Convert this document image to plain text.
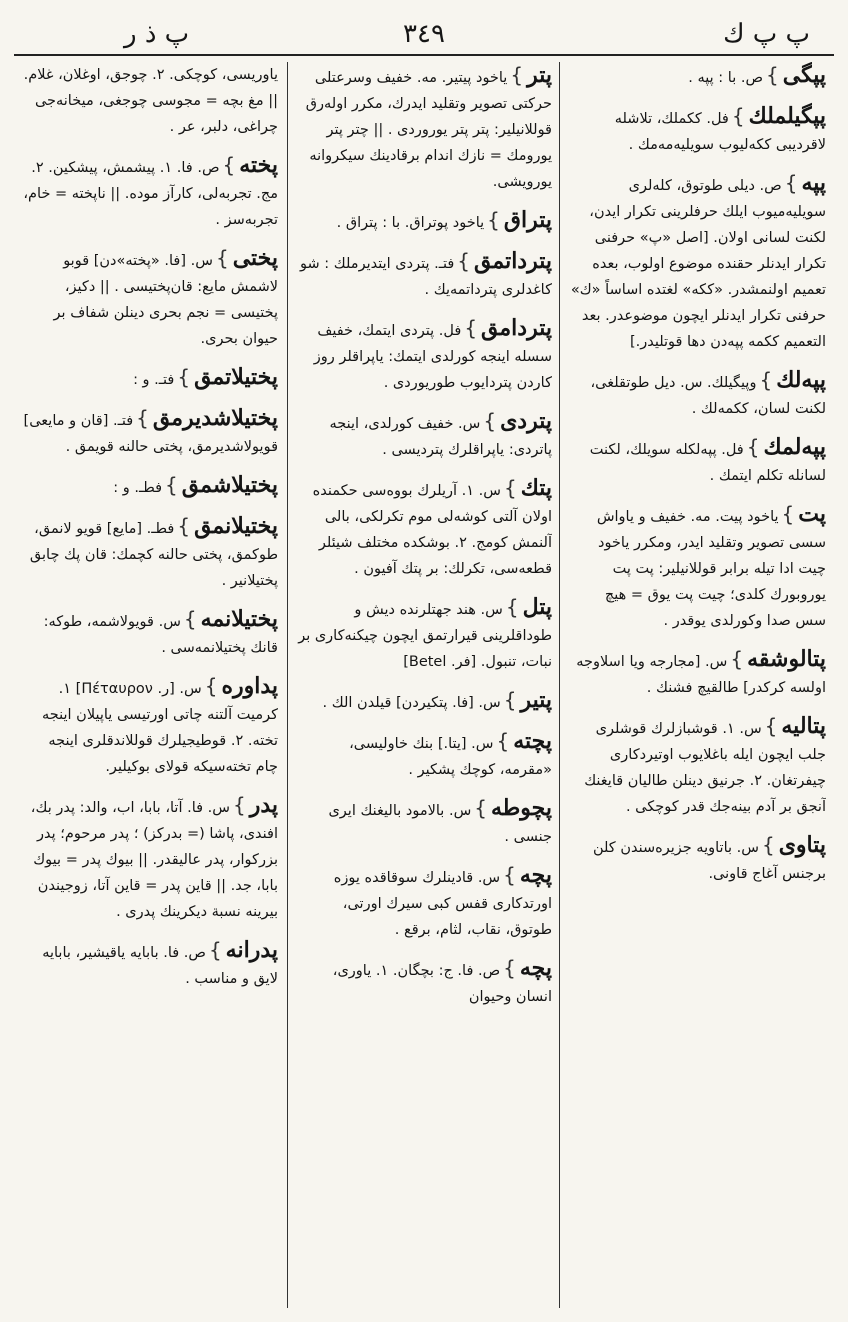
پ پ ك
٣٤٩
پ ذ ر

پپگی}ص. با : پپه .

پپگیلملك}فل. ككملك، تلاشله لاقردیبی ككه‌لیوب سویلیه‌مه‌مك .

پپه}ص. دیلی طوتوق، كله‌لری سویلیه‌میوب ایلك حرفلرینی تكرار ایدن، لكنت لسانی اولان. [اصل «پ» حرفنی تكرار ایدنلر حقنده موضوع اولوب، بعده تعمیم اولنمشدر. «ككه» لغتده اساساً «ك» حرفنی تكرار ایدنلر ایچون موضوعدر. بعد التعمیم ككمه پپه‌دن دها قوتلیدر.]

پپه‌لك}وپیگیلك. س. دیل طوتقلغی، لكنت لسان، ككمه‌لك .

پپه‌لمك}فل. پپه‌لكله سویلك، لكنت لسانله تكلم ایتمك .

پت}یاخود پیت. مه. خفیف و یاواش سسی تصویر وتقلید ایدر، ومكرر یاخود چیت ادا تیله برابر قوللانیلیر: پت پت یوروبورك كلدی؛ چیت پت یوق = هیچ سس صدا وكورلدی یوقدر .

پتالوشقه}س. [مجارجه ویا اسلاوجه اولسه كركدر] طالقیچ فشنك .

پتالیه}س. ١. قوشبازلرك قوشلری جلب ایچون ایله باغلایوب اوتیردكاری چیفرتغان. ٢. جرنیق دینلن طالیان قایغنك آنجق بر آدم بینه‌جك قدر كوچكی .

پتاوی}س. باتاویه جزیره‌سندن كلن برجنس آغاج قاونی.

پتر}یاخود پیتیر. مه. خفیف وسرعتلی حركتی تصویر وتقلید ایدرك، مكرر اوله‌رق قوللانیلیر: پتر پتر یوروردی . || چتر پتر یورومك = نازك اندام برقادینك سیكروانه یورویشی.

پتراق}یاخود پوتراق. با : پتراق .

پترداتمق}فتـ. پتردی ایتدیرملك : شو كاغدلری پترداتمه‌یك .

پتردامق}فل. پتردی ایتمك، خفیف سسله اینجه كورلدی ایتمك: یاپراقلر روز كاردن پتردایوب طوریوردی .

پتردی}س. خفیف كورلدی، اینجه پاتردی: یاپراقلرك پتردیسی .

پتك}س. ١. آریلرك بووه‌سی حكمنده اولان آلتی كوشه‌لی موم تكرلكی، بالی آلنمش كومج. ٢. بوشكده مختلف شیئلر قطعه‌سی، تكرلك: بر پتك آفیون .

پتل}س. هند جهتلرنده دیش و طوداقلرینی قیرارتمق ایچون چیكنه‌كاری بر نبات، تنبول. [فر. Betel]

پتیر}س. [فا. پتكیردن] قیلدن الك .

پچته}س. [یتا.] بنك خاولیسی، «مقرمه، كوچك پشكیر .

پچوطه}س. بالامود بالیغنك ایری جنسی .

پچه}س. قادینلرك سوقاقده یوزه اورتدكاری قفس كبی سیرك اورتی، طوتوق، نقاب، لثام، برقع .

پچه}ص. فا. ج: بچگان. ١. یاوری، انسان وحیوان

یاوریسی، كوچكی. ٢. چوجق، اوغلان، غلام. || مغ بچه = مجوسی چوجغی، میخانه‌جی چراغی، دلبر، عر .

پخته}ص. فا. ١. پیشمش، پیشكین. ٢. مج. تجربه‌لی، كارآز موده. || ناپخته = خام، تجربه‌سز .

پختی}س. [فا. «پخته»دن] قوبو لاشمش مایع: قان‌پختیسی . || دكیز، پختیسی = نجم بحری دینلن شفاف بر حیوان بحری.

پختیلاتمق}فتـ. و :

پختیلاشدیرمق}فتـ. [قان و مایعی] قویولاشدیرمق، پختی حالنه قویمق .

پختیلاشمق}فطـ. و :

پختیلانمق}فطـ. [مایع] قویو لانمق، طوكمق، پختی حالنه كچمك: قان پك چابق پختیلانیر .

پختیلانمه}س. قویولاشمه، طوكه: قانك پختیلانمه‌سی .

پداوره}س. [ر. Πέταυρον] ١. كرمیت آلتنه چاتی اورتیسی یاپیلان اینجه تخته. ٢. قوطیجیلرك قوللاندقلری اینجه چام تخته‌سیكه قولای بوكیلیر.

پدر}س. فا. آتا، بابا، اب، والد: پدر بك، افندی، پاشا (= بدركز) ؛ پدر مرحوم؛ پدر بزركوار، پدر عالیقدر. || بیوك پدر = بیوك بابا، جد. || قاین پدر = قاین آتا، زوجیندن بیرینه نسبة دیكرینك پدری .

پدرانه}ص. فا. بابایه یاقیشیر، بابایه لایق و مناسب .
